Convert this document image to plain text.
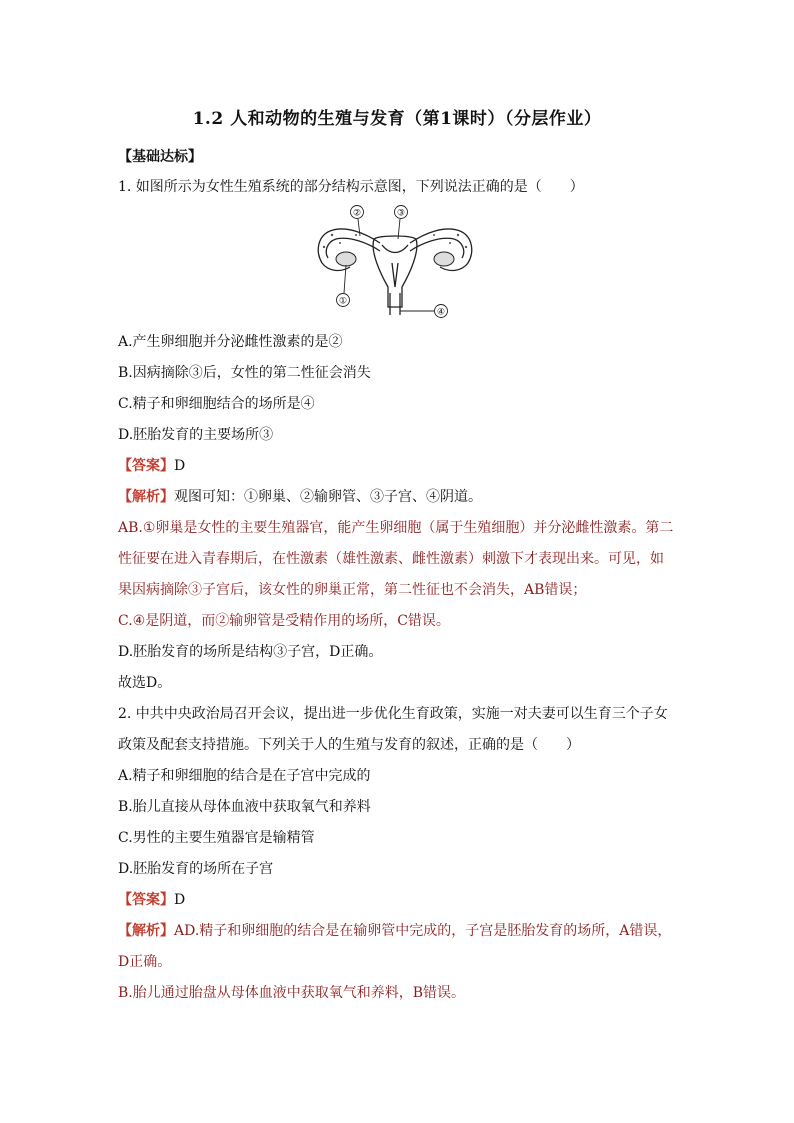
1.2 人和动物的生殖与发育（第1课时）（分层作业）
【基础达标】
1. 如图所示为女性生殖系统的部分结构示意图，下列说法正确的是（　　）
②	③
①
④
A.产生卵细胞并分泌雌性激素的是②
B.因病摘除③后，女性的第二性征会消失
C.精子和卵细胞结合的场所是④
D.胚胎发育的主要场所③
【答案】D
【解析】观图可知：①卵巢、②输卵管、③子宫、④阴道。
AB.①卵巢是女性的主要生殖器官，能产生卵细胞（属于生殖细胞）并分泌雌性激素。第二
性征要在进入青春期后，在性激素（雄性激素、雌性激素）刺激下才表现出来。可见，如
果因病摘除③子宫后，该女性的卵巢正常，第二性征也不会消失，AB错误；
C.④是阴道，而②输卵管是受精作用的场所，C错误。
D.胚胎发育的场所是结构③子宫，D正确。
故选D。
2. 中共中央政治局召开会议，提出进一步优化生育政策，实施一对夫妻可以生育三个子女
政策及配套支持措施。下列关于人的生殖与发育的叙述，正确的是（　　）
A.精子和卵细胞的结合是在子宫中完成的
B.胎儿直接从母体血液中获取氧气和养料
C.男性的主要生殖器官是输精管
D.胚胎发育的场所在子宫
【答案】D
【解析】AD.精子和卵细胞的结合是在输卵管中完成的，子宫是胚胎发育的场所，A错误，
D正确。
B.胎儿通过胎盘从母体血液中获取氧气和养料，B错误。
